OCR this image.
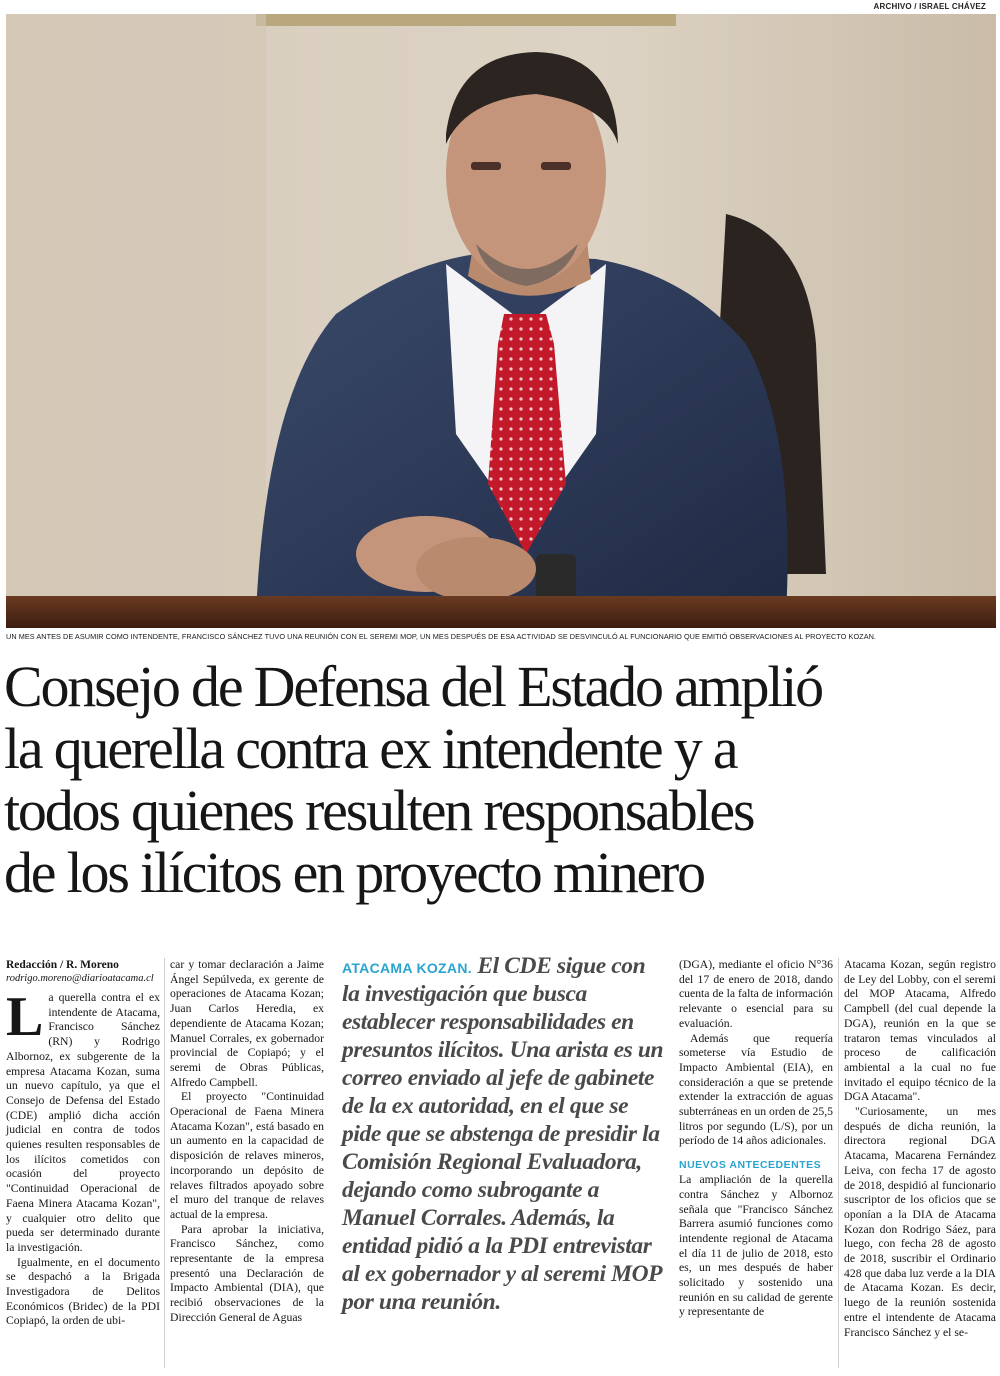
ARCHIVO / ISRAEL CHÁVEZ
UN MES ANTES DE ASUMIR COMO INTENDENTE, FRANCISCO SÁNCHEZ TUVO UNA REUNIÓN CON EL SEREMI MOP, UN MES DESPUÉS DE ESA ACTIVIDAD SE DESVINCULÓ AL FUNCIONARIO QUE EMITIÓ OBSERVACIONES AL PROYECTO KOZAN.
Consejo de Defensa del Estado amplió
la querella contra ex intendente y a
todos quienes resulten responsables
de los ilícitos en proyecto minero
Redacción / R. Moreno
rodrigo.moreno@diarioatacama.cl

La querella contra el ex intendente de Atacama, Francisco Sánchez (RN) y Rodrigo Albornoz, ex subgerente de la empresa Atacama Kozan, suma un nuevo capítulo, ya que el Consejo de Defensa del Estado (CDE) amplió dicha acción judicial en contra de todos quienes resulten responsables de los ilícitos cometidos con ocasión del proyecto "Continuidad Operacional de Faena Minera Atacama Kozan", y cualquier otro delito que pueda ser determinado durante la investigación.

Igualmente, en el documento se despachó a la Brigada Investigadora de Delitos Económicos (Bridec) de la PDI Copiapó, la orden de ubi-

car y tomar declaración a Jaime Ángel Sepúlveda, ex gerente de operaciones de Atacama Kozan; Juan Carlos Heredia, ex dependiente de Atacama Kozan; Manuel Corrales, ex gobernador provincial de Copiapó; y el seremi de Obras Públicas, Alfredo Campbell.

El proyecto "Continuidad Operacional de Faena Minera Atacama Kozan", está basado en un aumento en la capacidad de disposición de relaves mineros, incorporando un depósito de relaves filtrados apoyado sobre el muro del tranque de relaves actual de la empresa.

Para aprobar la iniciativa, Francisco Sánchez, como representante de la empresa presentó una Declaración de Impacto Ambiental (DIA), que recibió observaciones de la Dirección General de Aguas

ATACAMA KOZAN. El CDE sigue con la investigación que busca establecer responsabilidades en presuntos ilícitos. Una arista es un correo enviado al jefe de gabinete de la ex autoridad, en el que se pide que se abstenga de presidir la Comisión Regional Evaluadora, dejando como subrogante a Manuel Corrales. Además, la entidad pidió a la PDI entrevistar al ex gobernador y al seremi MOP por una reunión.

(DGA), mediante el oficio N°36 del 17 de enero de 2018, dando cuenta de la falta de información relevante o esencial para su evaluación.

Además que requería someterse vía Estudio de Impacto Ambiental (EIA), en consideración a que se pretende extender la extracción de aguas subterráneas en un orden de 25,5 litros por segundo (L/S), por un período de 14 años adicionales.

NUEVOS ANTECEDENTES

La ampliación de la querella contra Sánchez y Albornoz señala que "Francisco Sánchez Barrera asumió funciones como intendente regional de Atacama el día 11 de julio de 2018, esto es, un mes después de haber solicitado y sostenido una reunión en su calidad de gerente y representante de

Atacama Kozan, según registro de Ley del Lobby, con el seremi del MOP Atacama, Alfredo Campbell (del cual depende la DGA), reunión en la que se trataron temas vinculados al proceso de calificación ambiental a la cual no fue invitado el equipo técnico de la DGA Atacama".

"Curiosamente, un mes después de dicha reunión, la directora regional DGA Atacama, Macarena Fernández Leiva, con fecha 17 de agosto de 2018, despidió al funcionario suscriptor de los oficios que se oponían a la DIA de Atacama Kozan don Rodrigo Sáez, para luego, con fecha 28 de agosto de 2018, suscribir el Ordinario 428 que daba luz verde a la DIA de Atacama Kozan. Es decir, luego de la reunión sostenida entre el intendente de Atacama Francisco Sánchez y el se-
